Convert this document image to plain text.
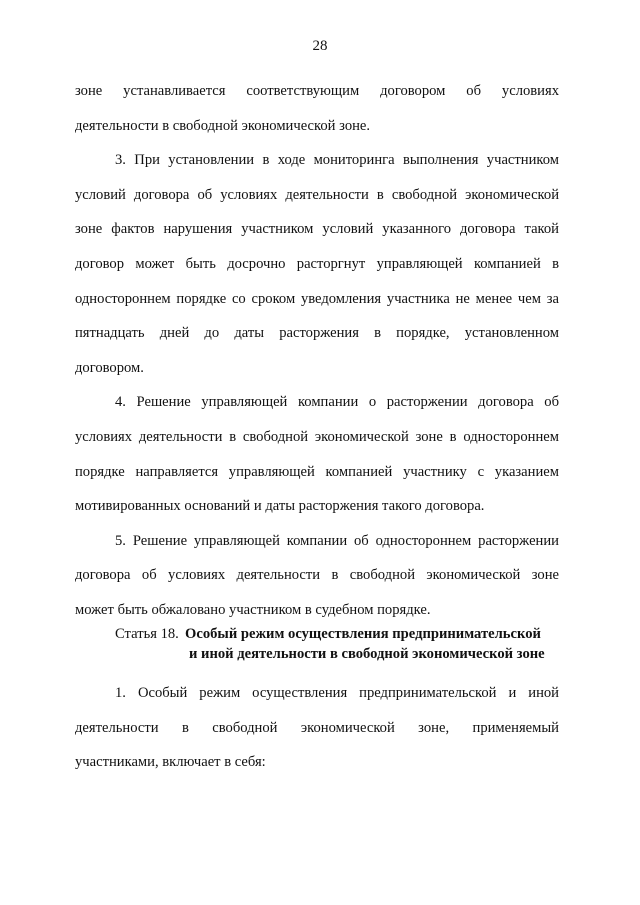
28
зоне устанавливается соответствующим договором об условиях
деятельности в свободной экономической зоне.
3. При установлении в ходе мониторинга выполнения участником
условий договора об условиях деятельности в свободной экономической
зоне фактов нарушения участником условий указанного договора такой
договор может быть досрочно расторгнут управляющей компанией в
одностороннем порядке со сроком уведомления участника не менее чем за
пятнадцать дней до даты расторжения в порядке, установленном
договором.
4. Решение управляющей компании о расторжении договора об
условиях деятельности в свободной экономической зоне в одностороннем
порядке направляется управляющей компанией участнику с указанием
мотивированных оснований и даты расторжения такого договора.
5. Решение управляющей компании об одностороннем расторжении
договора об условиях деятельности в свободной экономической зоне
может быть обжаловано участником в судебном порядке.
Статья 18. Особый режим осуществления предпринимательской
и иной деятельности в свободной экономической зоне
1. Особый режим осуществления предпринимательской и иной
деятельности в свободной экономической зоне, применяемый
участниками, включает в себя:
